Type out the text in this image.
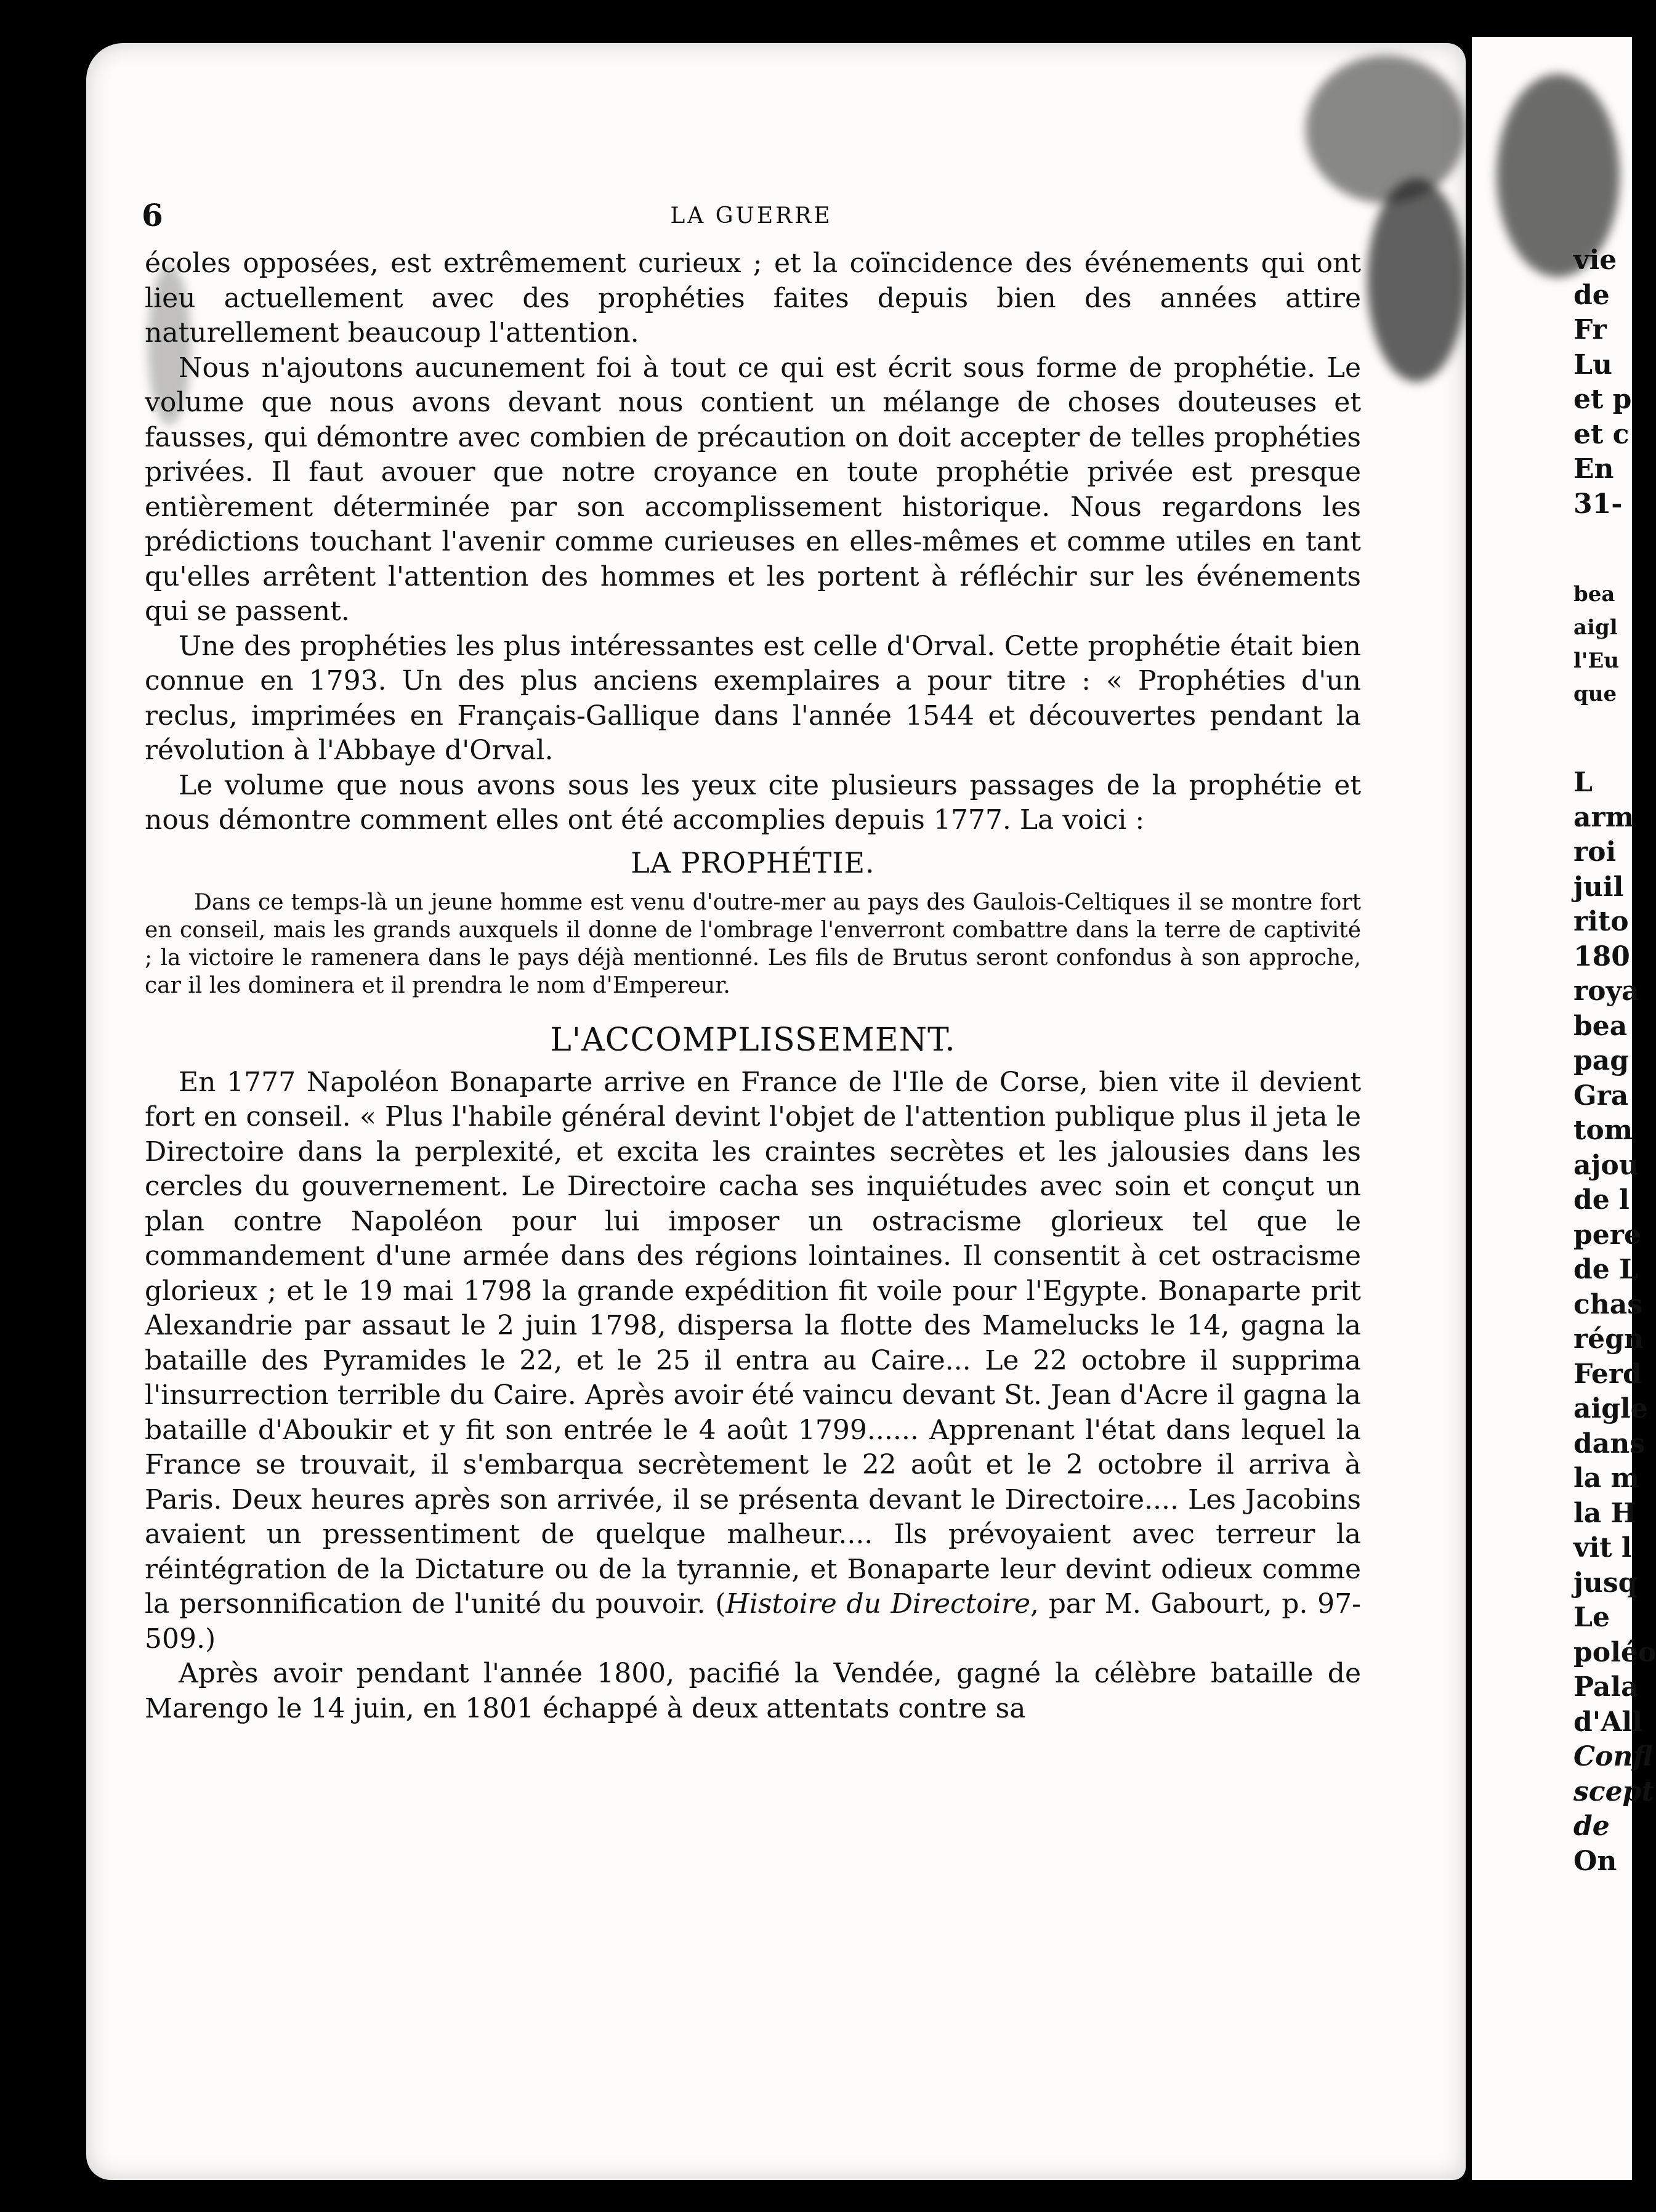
6	LA GUERRE

écoles opposées, est extrêmement curieux ; et la coïncidence des événements qui ont lieu actuellement avec des prophéties faites depuis bien des années attire naturellement beaucoup l'attention.

Nous n'ajoutons aucunement foi à tout ce qui est écrit sous forme de prophétie. Le volume que nous avons devant nous contient un mélange de choses douteuses et fausses, qui démontre avec combien de précaution on doit accepter de telles prophéties privées. Il faut avouer que notre croyance en toute prophétie privée est presque entièrement déterminée par son accomplissement historique. Nous regardons les prédictions touchant l'avenir comme curieuses en elles-mêmes et comme utiles en tant qu'elles arrêtent l'attention des hommes et les portent à réfléchir sur les événements qui se passent.

Une des prophéties les plus intéressantes est celle d'Orval. Cette prophétie était bien connue en 1793. Un des plus anciens exemplaires a pour titre : « Prophéties d'un reclus, imprimées en Français-Gallique dans l'année 1544 et découvertes pendant la révolution à l'Abbaye d'Orval.

Le volume que nous avons sous les yeux cite plusieurs passages de la prophétie et nous démontre comment elles ont été accomplies depuis 1777. La voici :

LA PROPHÉTIE.

Dans ce temps-là un jeune homme est venu d'outre-mer au pays des Gaulois-Celtiques il se montre fort en conseil, mais les grands auxquels il donne de l'ombrage l'enverront combattre dans la terre de captivité ; la victoire le ramenera dans le pays déjà mentionné. Les fils de Brutus seront confondus à son approche, car il les dominera et il prendra le nom d'Empereur.

L'ACCOMPLISSEMENT.

En 1777 Napoléon Bonaparte arrive en France de l'Ile de Corse, bien vite il devient fort en conseil. « Plus l'habile général devint l'objet de l'attention publique plus il jeta le Directoire dans la perplexité, et excita les craintes secrètes et les jalousies dans les cercles du gouvernement. Le Directoire cacha ses inquiétudes avec soin et conçut un plan contre Napoléon pour lui imposer un ostracisme glorieux tel que le commandement d'une armée dans des régions lointaines. Il consentit à cet ostracisme glorieux ; et le 19 mai 1798 la grande expédition fit voile pour l'Egypte. Bonaparte prit Alexandrie par assaut le 2 juin 1798, dispersa la flotte des Mamelucks le 14, gagna la bataille des Pyramides le 22, et le 25 il entra au Caire... Le 22 octobre il supprima l'insurrection terrible du Caire. Après avoir été vaincu devant St. Jean d'Acre il gagna la bataille d'Aboukir et y fit son entrée le 4 août 1799...... Apprenant l'état dans lequel la France se trouvait, il s'embarqua secrètement le 22 août et le 2 octobre il arriva à Paris. Deux heures après son arrivée, il se présenta devant le Directoire.... Les Jacobins avaient un pressentiment de quelque malheur.... Ils prévoyaient avec terreur la réintégration de la Dictature ou de la tyrannie, et Bonaparte leur devint odieux comme la personnification de l'unité du pouvoir. (Histoire du Directoire, par M. Gabourt, p. 97-509.)

Après avoir pendant l'année 1800, pacifié la Vendée, gagné la célèbre bataille de Marengo le 14 juin, en 1801 échappé à deux attentats contre sa

vie
de
Fr
Lu
et p
et c
En
31-
bea
aigl
l'Eu
que
L
arm
roi
juil
rito
180
roya
bea
pag
Gra
tom
ajou
de l
pere
de L
chas
régn
Ferd
aigle
dans
la m
la H
vit l
jusq
Le
poléo
Pala
d'All
Confl
scept
de
On
